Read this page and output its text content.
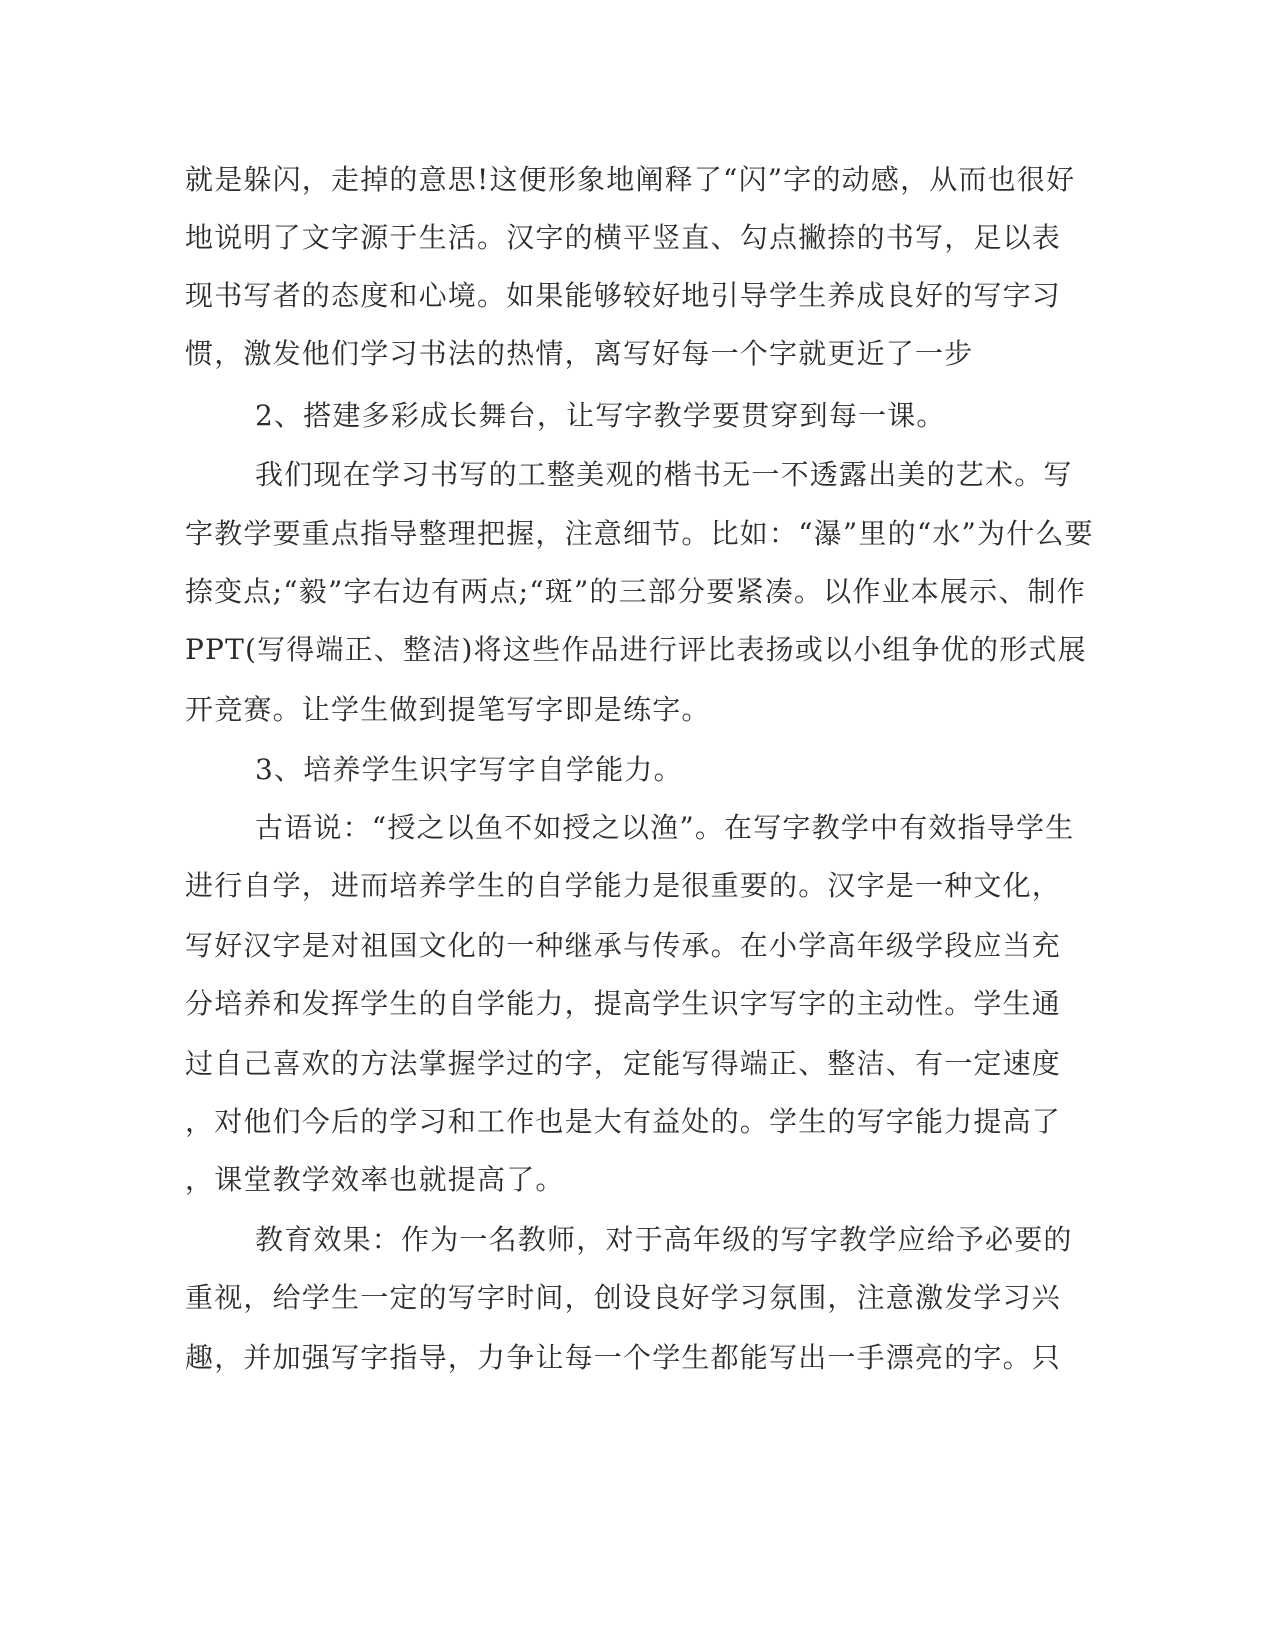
就是躲闪，走掉的意思!这便形象地阐释了“闪”字的动感，从而也很好
地说明了文字源于生活。汉字的横平竖直、勾点撇捺的书写，足以表
现书写者的态度和心境。如果能够较好地引导学生养成良好的写字习
惯，激发他们学习书法的热情，离写好每一个字就更近了一步
2、搭建多彩成长舞台，让写字教学要贯穿到每一课。
我们现在学习书写的工整美观的楷书无一不透露出美的艺术。写
字教学要重点指导整理把握，注意细节。比如：“瀑”里的“水”为什么要
捺变点;“毅”字右边有两点;“斑”的三部分要紧凑。以作业本展示、制作
PPT(写得端正、整洁)将这些作品进行评比表扬或以小组争优的形式展
开竞赛。让学生做到提笔写字即是练字。
3、培养学生识字写字自学能力。
古语说：“授之以鱼不如授之以渔”。在写字教学中有效指导学生
进行自学，进而培养学生的自学能力是很重要的。汉字是一种文化，
写好汉字是对祖国文化的一种继承与传承。在小学高年级学段应当充
分培养和发挥学生的自学能力，提高学生识字写字的主动性。学生通
过自己喜欢的方法掌握学过的字，定能写得端正、整洁、有一定速度
，对他们今后的学习和工作也是大有益处的。学生的写字能力提高了
，课堂教学效率也就提高了。
教育效果：作为一名教师，对于高年级的写字教学应给予必要的
重视，给学生一定的写字时间，创设良好学习氛围，注意激发学习兴
趣，并加强写字指导，力争让每一个学生都能写出一手漂亮的字。只
